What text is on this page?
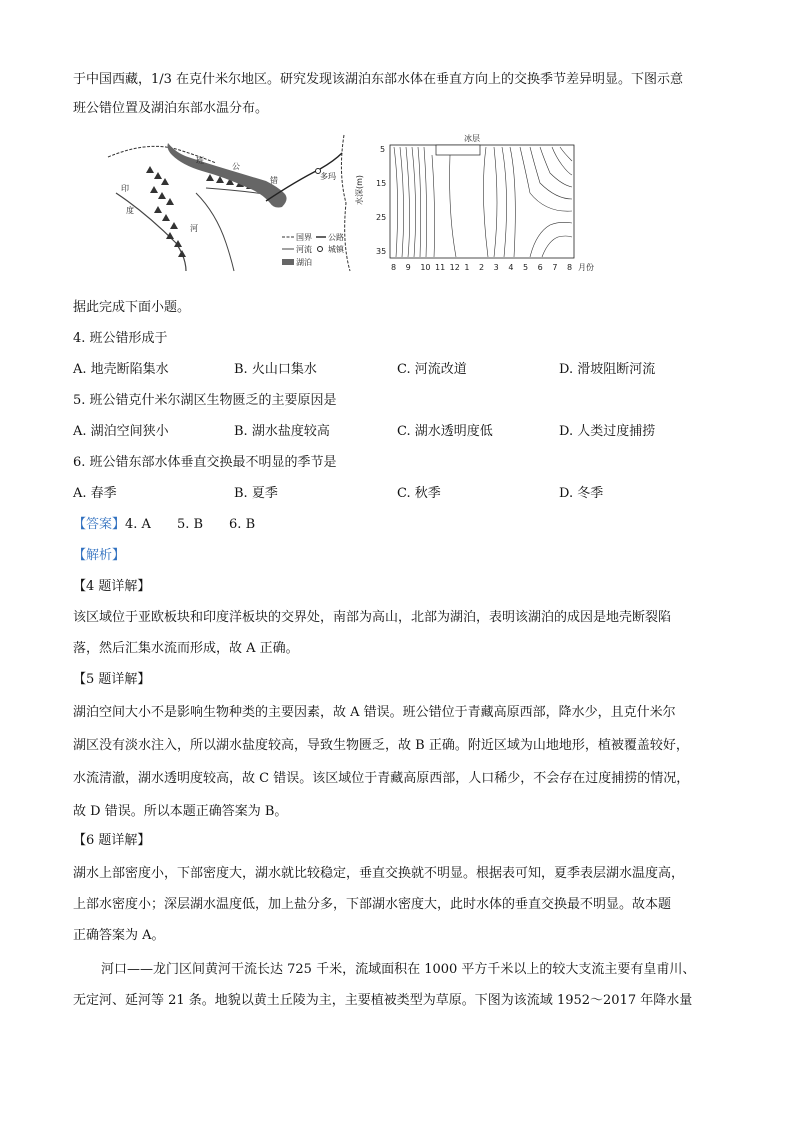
于中国西藏，1/3 在克什米尔地区。研究发现该湖泊东部水体在垂直方向上的交换季节差异明显。下图示意
班公错位置及湖泊东部水温分布。
印
度
河
班
公
错	多玛
国界 公路
河流 城镇
湖泊
冰层
水深(m)
5
15
25
35
8 9 10 11 12 1 2 3 4 5 6 7 8 月份
据此完成下面小题。
4. 班公错形成于
A. 地壳断陷集水	B. 火山口集水	C. 河流改道	D. 滑坡阻断河流
5. 班公错克什米尔湖区生物匮乏的主要原因是
A. 湖泊空间狭小	B. 湖水盐度较高	C. 湖水透明度低	D. 人类过度捕捞
6. 班公错东部水体垂直交换最不明显的季节是
A. 春季	B. 夏季	C. 秋季	D. 冬季
【答案】4. A　　5. B　　6. B
【解析】
【4 题详解】
该区域位于亚欧板块和印度洋板块的交界处，南部为高山，北部为湖泊，表明该湖泊的成因是地壳断裂陷
落，然后汇集水流而形成，故 A 正确。
【5 题详解】
湖泊空间大小不是影响生物种类的主要因素，故 A 错误。班公错位于青藏高原西部，降水少，且克什米尔
湖区没有淡水注入，所以湖水盐度较高，导致生物匮乏，故 B 正确。附近区域为山地地形，植被覆盖较好，
水流清澈，湖水透明度较高，故 C 错误。该区域位于青藏高原西部，人口稀少，不会存在过度捕捞的情况，
故 D 错误。所以本题正确答案为 B。
【6 题详解】
湖水上部密度小，下部密度大，湖水就比较稳定，垂直交换就不明显。根据表可知，夏季表层湖水温度高，
上部水密度小；深层湖水温度低，加上盐分多，下部湖水密度大，此时水体的垂直交换最不明显。故本题
正确答案为 A。
河口——龙门区间黄河干流长达 725 千米，流域面积在 1000 平方千米以上的较大支流主要有皇甫川、
无定河、延河等 21 条。地貌以黄土丘陵为主，主要植被类型为草原。下图为该流域 1952～2017 年降水量
